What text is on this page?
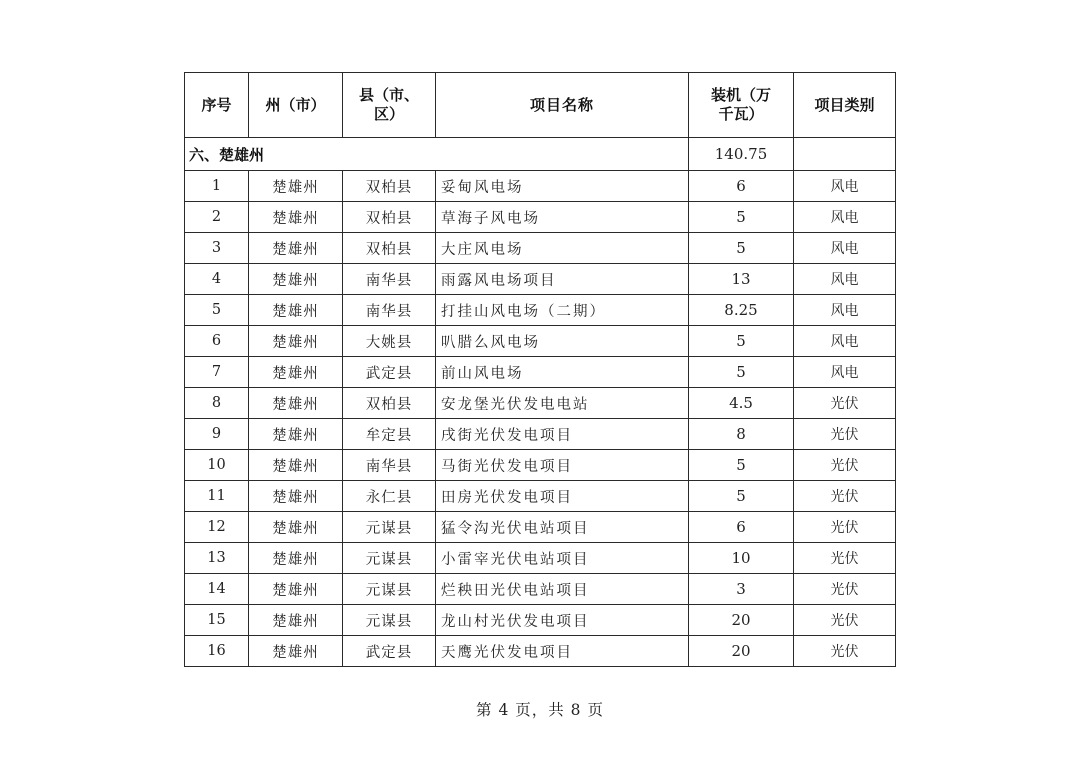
序号	州（市）	县（市、区）	项目名称	装机（万千瓦）	项目类别
六、楚雄州				140.75	
1	楚雄州	双柏县	妥甸风电场	6	风电
2	楚雄州	双柏县	草海子风电场	5	风电
3	楚雄州	双柏县	大庄风电场	5	风电
4	楚雄州	南华县	雨露风电场项目	13	风电
5	楚雄州	南华县	打挂山风电场（二期）	8.25	风电
6	楚雄州	大姚县	叭腊么风电场	5	风电
7	楚雄州	武定县	前山风电场	5	风电
8	楚雄州	双柏县	安龙堡光伏发电电站	4.5	光伏
9	楚雄州	牟定县	戌街光伏发电项目	8	光伏
10	楚雄州	南华县	马街光伏发电项目	5	光伏
11	楚雄州	永仁县	田房光伏发电项目	5	光伏
12	楚雄州	元谋县	猛令沟光伏电站项目	6	光伏
13	楚雄州	元谋县	小雷宰光伏电站项目	10	光伏
14	楚雄州	元谋县	烂秧田光伏电站项目	3	光伏
15	楚雄州	元谋县	龙山村光伏发电项目	20	光伏
16	楚雄州	武定县	天鹰光伏发电项目	20	光伏
第 4 页，共 8 页
